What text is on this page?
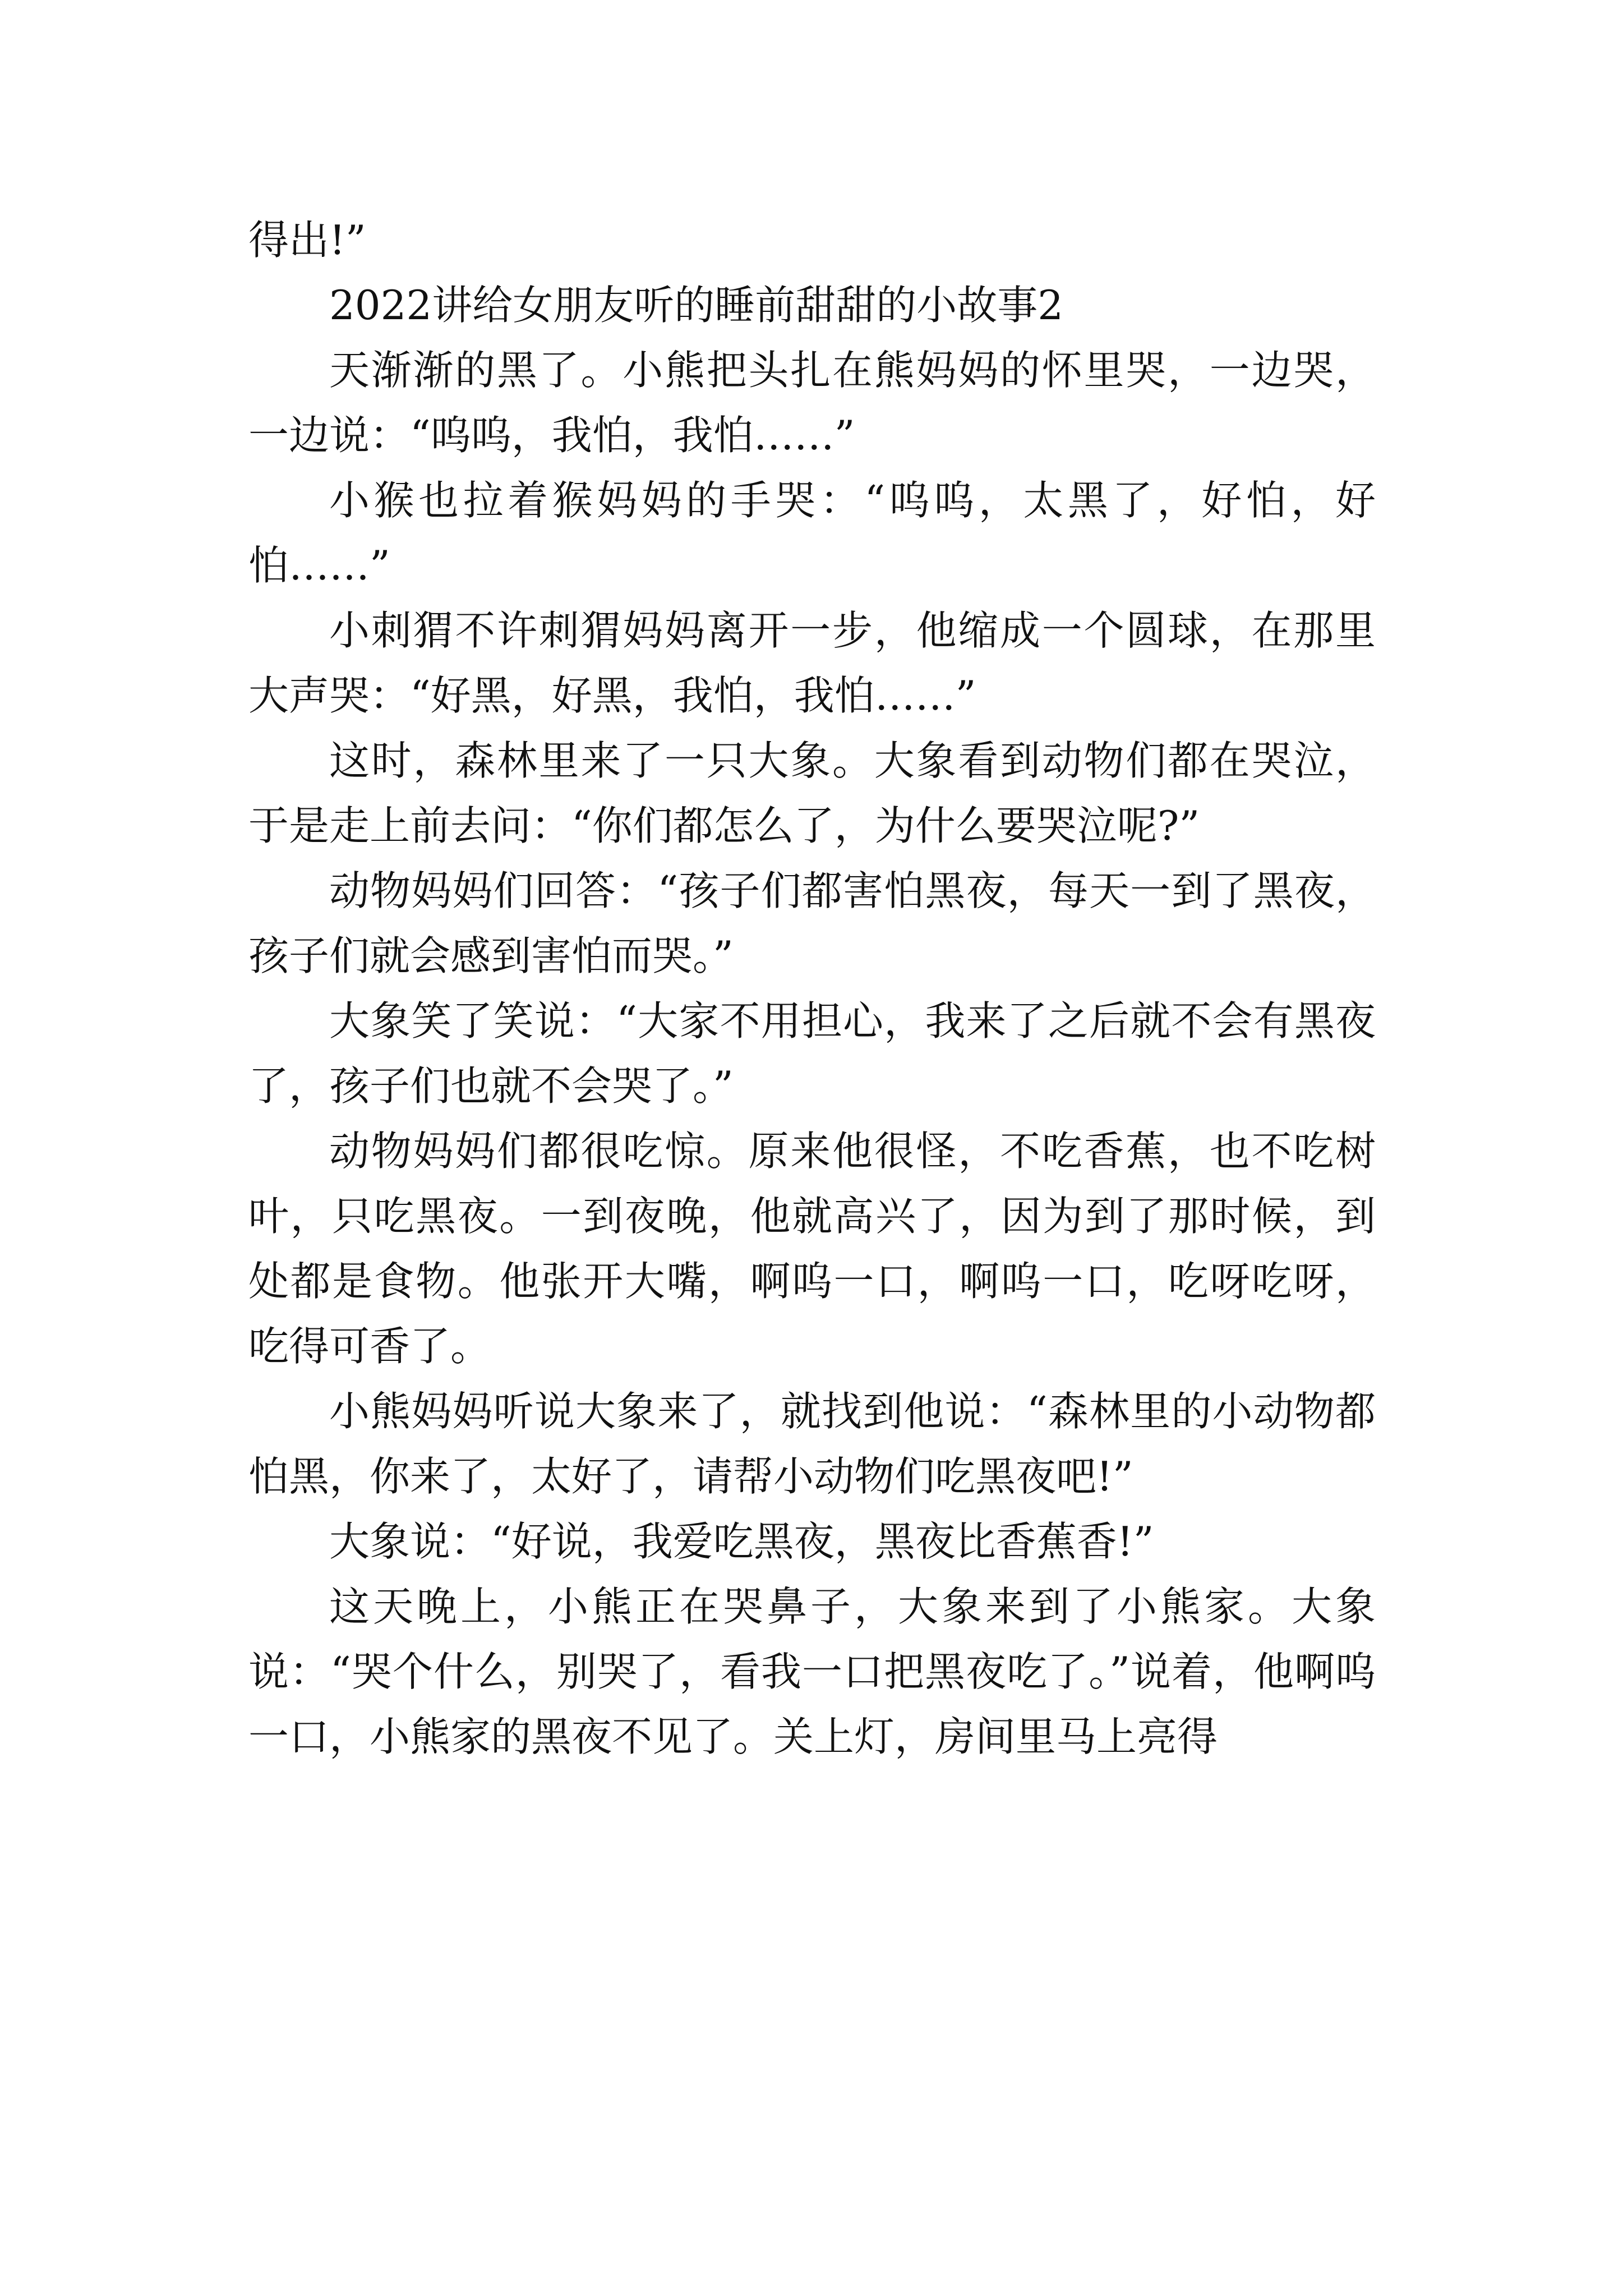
得出!”

2022讲给女朋友听的睡前甜甜的小故事2

天渐渐的黑了。小熊把头扎在熊妈妈的怀里哭，一边哭，一边说：“呜呜，我怕，我怕……”

小猴也拉着猴妈妈的手哭：“呜呜，太黑了，好怕，好怕……”

小刺猬不许刺猬妈妈离开一步，他缩成一个圆球，在那里大声哭：“好黑，好黑，我怕，我怕……”

这时，森林里来了一只大象。大象看到动物们都在哭泣，于是走上前去问：“你们都怎么了，为什么要哭泣呢?”

动物妈妈们回答：“孩子们都害怕黑夜，每天一到了黑夜，孩子们就会感到害怕而哭。”

大象笑了笑说：“大家不用担心，我来了之后就不会有黑夜了，孩子们也就不会哭了。”

动物妈妈们都很吃惊。原来他很怪，不吃香蕉，也不吃树叶，只吃黑夜。一到夜晚，他就高兴了，因为到了那时候，到处都是食物。他张开大嘴，啊呜一口，啊呜一口，吃呀吃呀，吃得可香了。

小熊妈妈听说大象来了，就找到他说：“森林里的小动物都怕黑，你来了，太好了，请帮小动物们吃黑夜吧!”

大象说：“好说，我爱吃黑夜，黑夜比香蕉香!”

这天晚上，小熊正在哭鼻子，大象来到了小熊家。大象说：“哭个什么，别哭了，看我一口把黑夜吃了。”说着，他啊呜一口，小熊家的黑夜不见了。关上灯，房间里马上亮得
